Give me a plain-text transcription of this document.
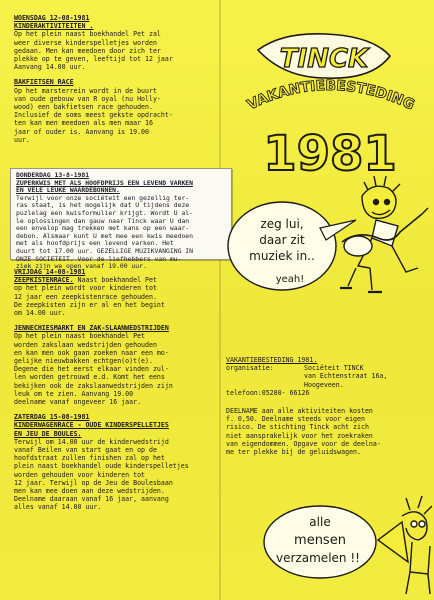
WOENSDAG 12-08-1981
KINDERAKTIVITEITEN .
Op het plein naast boekhandel Pet zal
weer diverse kinderspelletjes worden
gedaan. Men kan meedoen door zich ter
plekke op te geven, leeftijd tot 12 jaar
Aanvang 14.00 uur.
BAKFIETSEN RACE
Op het marsterrein wordt in de buurt
van oude gebouw van R oyal (nu Holly-
wood) een bakfietsen race gehouden.
Inclusief de soms meest gekste opdracht-
ten kan men meedoen als men maar 16
jaar of ouder is. Aanvang is 19.00
uur.
DONDERDAG 13-8-1981
ZUPERKWIS MET ALS HOOFDPRIJS EEN LEVEND VARKEN
EN VELE LEUKE WAARDEBONNEN.
Terwijl voor onze sociëteit een gezellig ter-
ras staat, is het mogelijk dat U tijdens deze
puzlelag een kwisformulier krijgt. Wordt U al-
le oplossingen dan gauw naar Tinck waar U dan
een envelop mag trekken met kans op een waar-
debon. Alsmaar kunt U met mee een kwis meedoen
met als hoofdprijs een levend varken. Het
duurt tot 17.00 uur. GEZELLIGE MUZIKVANGING IN
ONZE SOCIETEIT. Voor de liefhebbers van mu-
ziek zijn we open vanaf 19.00 uur.
VRIJDAG 14-08-1981
ZEEPKISTENRACE. Naast boekhandel Pet
op het plein wordt voor kinderen tot
12 jaar een zeepkistenrace gehouden.
De zeepkisten zijn er al en het begint
om 14.00 uur.
JENNECHIESMARKT EN ZAK-SLAANWEDSTRIJDEN
Op het plein naast boekhandel Pet
worden zakslaan wedstrijden gehouden
en kan men ook gaan zoeken naar een mo-
gelijke nieuwbakken echtgen(o)t(e).
Degene die het eerst elkaar vinden zul-
len worden getrouwd e.d. Komt het eens
bekijken ook de zakslaanwedstrijden zijn
leuk om te zien. Aanvang 19.00
deelname vanaf ongeveer 16 jaar.
ZATERDAG 15-08-1981
KINDERWAGENRACE - OUDE KINDERSPELLETJES
EN JEU DE BOULES.
Terwijl om 14.00 uur de kinderwedstrijd
vanaf Beilen van start gaat en op de
hoofdstraat zullen finishen zal op het
plein naast boekhandel oude kinderspelletjes
worden gehouden voor kinderen tot
12 jaar. Terwijl op de Jeu de Boulesbaan
men kan mee doen aan deze wedstrijden.
Deelname daaraan vanaf 16 jaar, aanvang
alles vanaf 14.00 uur.
TINCK
VAKANTIEBESTEDING
1981
zeg lui,
daar zit
muziek in..
yeah!
VAKANTIEBESTEDING 1981.
organisatie:	Sociëteit TINCK
van Echtenstraat 16a,
Hoogeveen.
telefoon:05280- 66126
DEELNAME aan alle aktiviteiten kosten
f. 0,50. Deelname steeds voor eigen
risico. De stichting Tinck acht zich
niet aansprakelijk voor het zoekraken
van eigendommen. Opgave voor de deelna-
me ter plekke bij de geluidswagen.
alle
mensen
verzamelen !!
